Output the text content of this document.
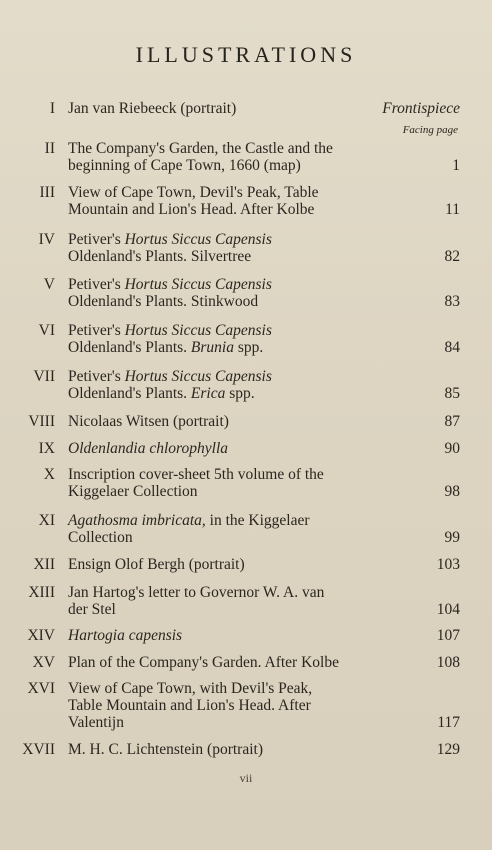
ILLUSTRATIONS
Facing page
I Jan van Riebeeck (portrait)	Frontispiece
II The Company's Garden, the Castle and the
beginning of Cape Town, 1660 (map)	1
III View of Cape Town, Devil's Peak, Table
Mountain and Lion's Head. After Kolbe	11
IV Petiver's Hortus Siccus Capensis
Oldenland's Plants. Silvertree	82
V Petiver's Hortus Siccus Capensis
Oldenland's Plants. Stinkwood	83
VI Petiver's Hortus Siccus Capensis
Oldenland's Plants. Brunia spp.	84
VII Petiver's Hortus Siccus Capensis
Oldenland's Plants. Erica spp.	85
VIII Nicolaas Witsen (portrait)	87
IX Oldenlandia chlorophylla	90
X Inscription cover-sheet 5th volume of the
Kiggelaer Collection	98
XI Agathosma imbricata, in the Kiggelaer
Collection	99
XII Ensign Olof Bergh (portrait)	103
XIII Jan Hartog's letter to Governor W. A. van
der Stel	104
XIV Hartogia capensis	107
XV Plan of the Company's Garden. After Kolbe	108
XVI View of Cape Town, with Devil's Peak,
Table Mountain and Lion's Head. After
Valentijn	117
XVII M. H. C. Lichtenstein (portrait)	129
vii
